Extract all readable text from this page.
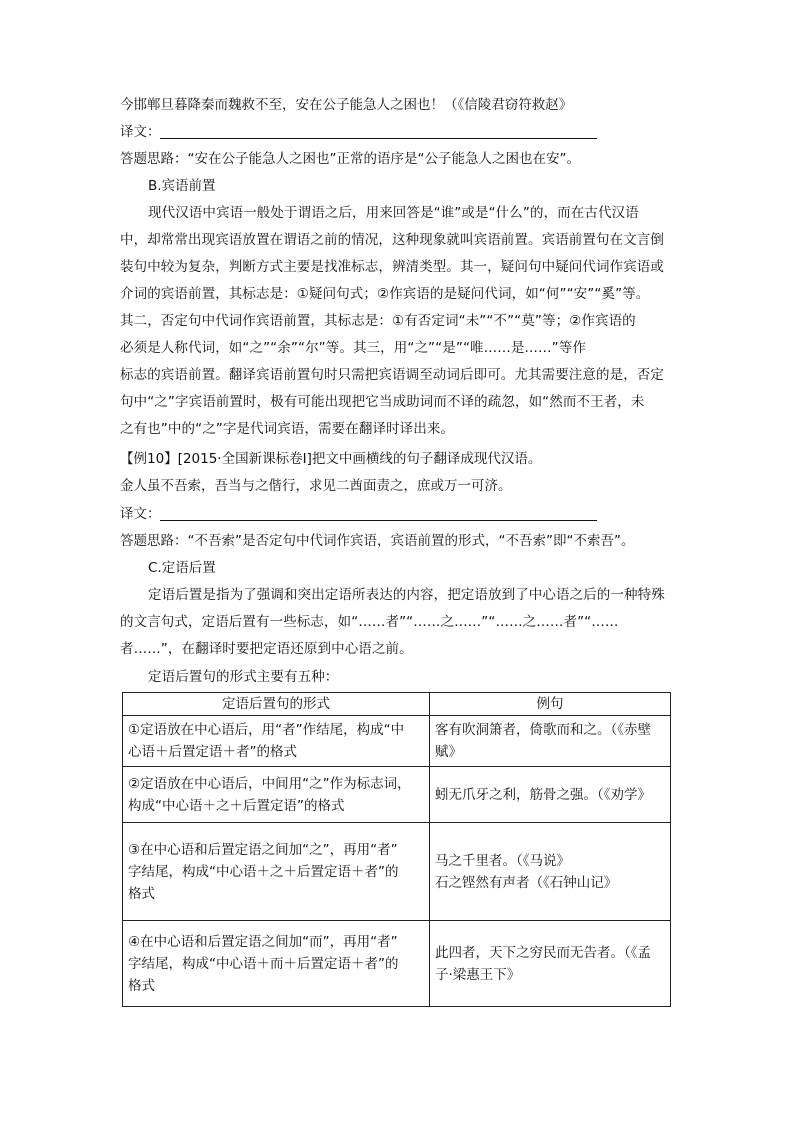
今邯郸旦暮降秦而魏救不至，安在公子能急人之困也！（《信陵君窃符救赵》
译文：
答题思路：“安在公子能急人之困也”正常的语序是“公子能急人之困也在安”。
B.宾语前置
现代汉语中宾语一般处于谓语之后，用来回答是“谁”或是“什么”的，而在古代汉语
中，却常常出现宾语放置在谓语之前的情况，这种现象就叫宾语前置。宾语前置句在文言倒
装句中较为复杂，判断方式主要是找准标志，辨清类型。其一，疑问句中疑问代词作宾语或
介词的宾语前置，其标志是：①疑问句式；②作宾语的是疑问代词，如“何”“安”“奚”等。
其二，否定句中代词作宾语前置，其标志是：①有否定词“未”“不”“莫”等；②作宾语的
必须是人称代词，如“之”“余”“尔”等。其三，用“之”“是”“唯……是……”等作
标志的宾语前置。翻译宾语前置句时只需把宾语调至动词后即可。尤其需要注意的是，否定
句中“之”字宾语前置时，极有可能出现把它当成助词而不译的疏忽，如“然而不王者，未
之有也”中的“之”字是代词宾语，需要在翻译时译出来。
【例10】[2015·全国新课标卷Ⅰ]把文中画横线的句子翻译成现代汉语。
金人虽不吾索，吾当与之偕行，求见二酋面责之，庶或万一可济。
译文：
答题思路：“不吾索”是否定句中代词作宾语，宾语前置的形式，“不吾索”即“不索吾”。
C.定语后置
定语后置是指为了强调和突出定语所表达的内容，把定语放到了中心语之后的一种特殊
的文言句式，定语后置有一些标志，如“……者”“……之……”“……之……者”“……
者……”，在翻译时要把定语还原到中心语之前。
定语后置句的形式主要有五种：
定语后置句的形式	例句

①定语放在中心语后，用“者”作结尾，构成“中
心语＋后置定语＋者”的格式	客有吹洞箫者，倚歌而和之。（《赤壁
赋》

②定语放在中心语后，中间用“之”作为标志词，
构成“中心语＋之＋后置定语”的格式	蚓无爪牙之利，筋骨之强。（《劝学》

③在中心语和后置定语之间加“之”，再用“者”
字结尾，构成“中心语＋之＋后置定语＋者”的
格式	马之千里者。（《马说》
石之铿然有声者（《石钟山记》

④在中心语和后置定语之间加“而”，再用“者”
字结尾，构成“中心语＋而＋后置定语＋者”的
格式	此四者，天下之穷民而无告者。（《孟
子·梁惠王下》
